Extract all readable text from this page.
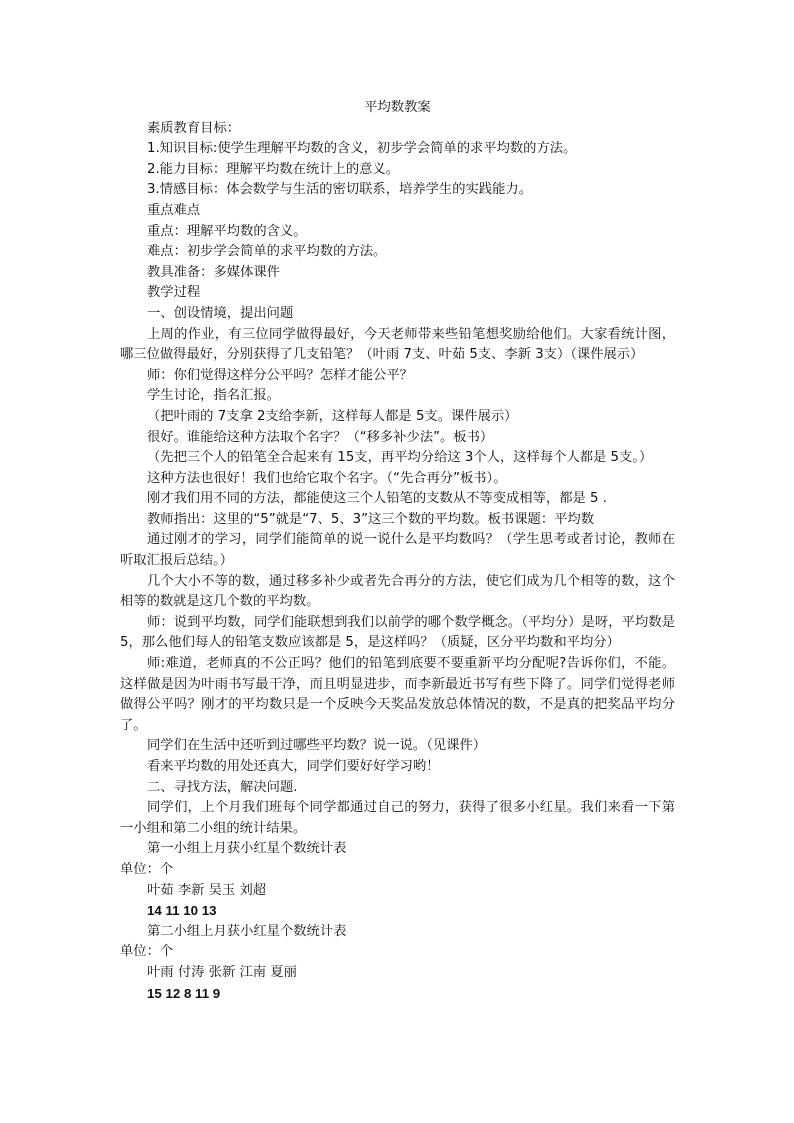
平均数教案

素质教育目标：

1.知识目标:使学生理解平均数的含义，初步学会简单的求平均数的方法。

2.能力目标：理解平均数在统计上的意义。

3.情感目标：体会数学与生活的密切联系，培养学生的实践能力。

重点难点

重点：理解平均数的含义。

难点：初步学会简单的求平均数的方法。

教具准备：多媒体课件

教学过程

一、创设情境，提出问题

上周的作业，有三位同学做得最好，今天老师带来些铅笔想奖励给他们。大家看统计图，哪三位做得最好，分别获得了几支铅笔？（叶雨 7支、叶茹 5支、李新 3支）（课件展示）

师：你们觉得这样分公平吗？怎样才能公平？

学生讨论，指名汇报。

（把叶雨的 7支拿 2支给李新，这样每人都是 5支。课件展示）

很好。谁能给这种方法取个名字？（“移多补少法”。板书）

（先把三个人的铅笔全合起来有 15支，再平均分给这 3个人，这样每个人都是 5支。）

这种方法也很好！我们也给它取个名字。（“先合再分”板书）。

刚才我们用不同的方法，都能使这三个人铅笔的支数从不等变成相等，都是 5 .

教师指出：这里的“5”就是“7、5、3”这三个数的平均数。板书课题：平均数

通过刚才的学习，同学们能简单的说一说什么是平均数吗？（学生思考或者讨论，教师在听取汇报后总结。）

几个大小不等的数，通过移多补少或者先合再分的方法，使它们成为几个相等的数，这个相等的数就是这几个数的平均数。

师：说到平均数，同学们能联想到我们以前学的哪个数学概念。（平均分）是呀，平均数是 5，那么他们每人的铅笔支数应该都是 5，是这样吗？（质疑，区分平均数和平均分）

师:难道，老师真的不公正吗？他们的铅笔到底要不要重新平均分配呢?告诉你们，不能。这样做是因为叶雨书写最干净，而且明显进步，而李新最近书写有些下降了。同学们觉得老师做得公平吗？刚才的平均数只是一个反映今天奖品发放总体情况的数，不是真的把奖品平均分了。

同学们在生活中还听到过哪些平均数？说一说。（见课件）

看来平均数的用处还真大，同学们要好好学习哟！

二、寻找方法，解决问题.

同学们，上个月我们班每个同学都通过自己的努力，获得了很多小红星。我们来看一下第一小组和第二小组的统计结果。

第一小组上月获小红星个数统计表

单位：个

叶茹 李新 吴玉 刘超

14 11 10 13

第二小组上月获小红星个数统计表

单位：个

叶雨 付涛 张新 江南 夏丽

15 12 8 11 9
